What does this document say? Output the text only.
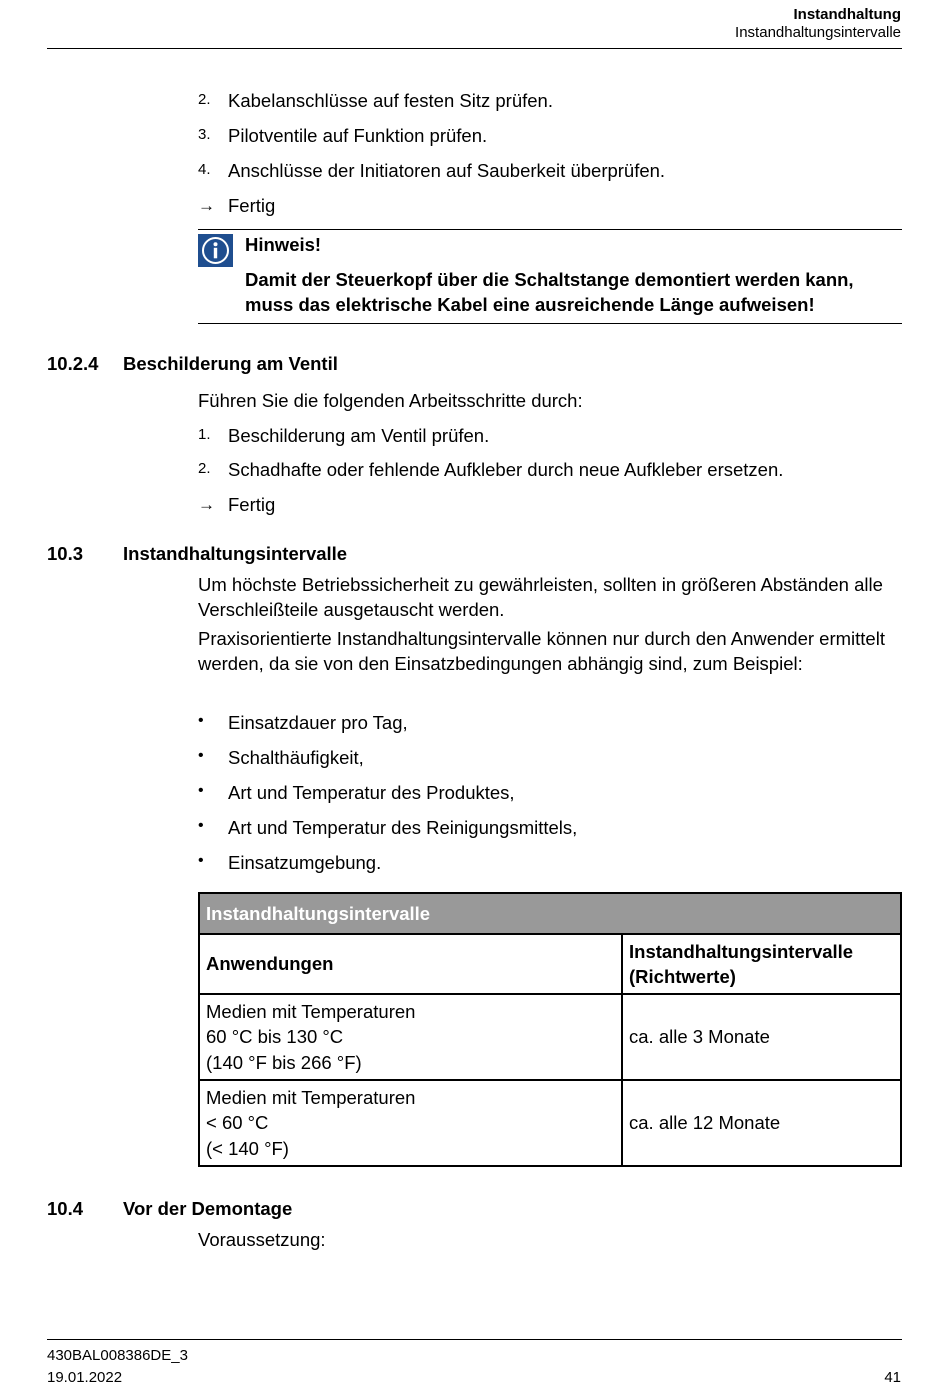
Instandhaltung
Instandhaltungsintervalle
2. Kabelanschlüsse auf festen Sitz prüfen.
3. Pilotventile auf Funktion prüfen.
4. Anschlüsse der Initiatoren auf Sauberkeit überprüfen.
→ Fertig
Hinweis!
Damit der Steuerkopf über die Schaltstange demontiert werden kann, muss das elektrische Kabel eine ausreichende Länge aufweisen!
10.2.4 Beschilderung am Ventil
Führen Sie die folgenden Arbeitsschritte durch:
1. Beschilderung am Ventil prüfen.
2. Schadhafte oder fehlende Aufkleber durch neue Aufkleber ersetzen.
→ Fertig
10.3 Instandhaltungsintervalle
Um höchste Betriebssicherheit zu gewährleisten, sollten in größeren Abständen alle Verschleißteile ausgetauscht werden.
Praxisorientierte Instandhaltungsintervalle können nur durch den Anwender ermittelt werden, da sie von den Einsatzbedingungen abhängig sind, zum Beispiel:
• Einsatzdauer pro Tag,
• Schalthäufigkeit,
• Art und Temperatur des Produktes,
• Art und Temperatur des Reinigungsmittels,
• Einsatzumgebung.
Instandhaltungsintervalle	
Anwendungen	Instandhaltungsintervalle
(Richtwerte)

Medien mit Temperaturen
60 °C bis 130 °C
(140 °F bis 266 °F)	ca. alle 3 Monate

Medien mit Temperaturen
< 60 °C
(< 140 °F)	ca. alle 12 Monate
10.4 Vor der Demontage
Voraussetzung:
430BAL008386DE_3
19.01.2022	41
